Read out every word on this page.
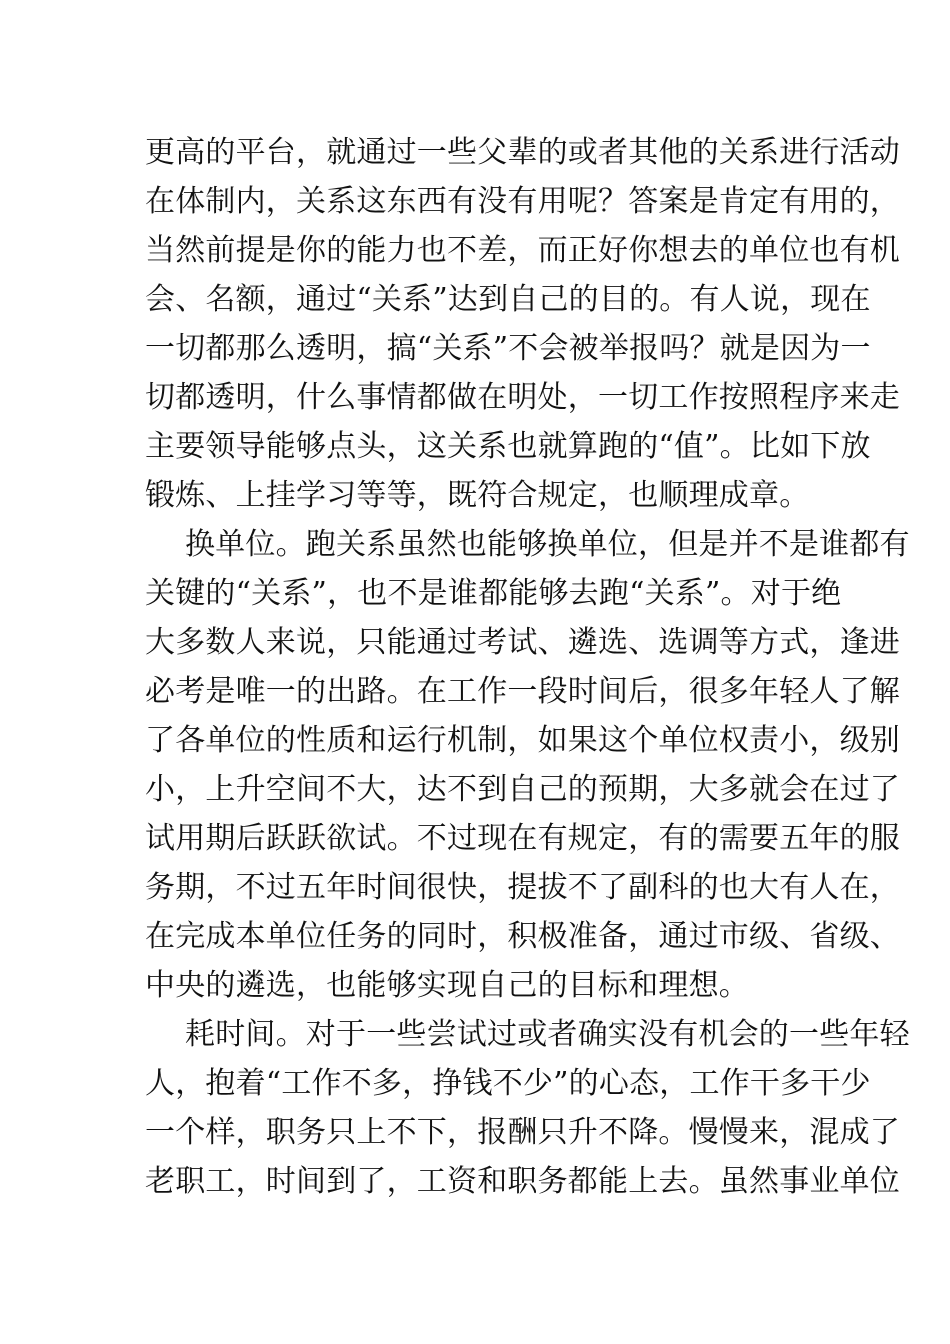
更高的平台，就通过一些父辈的或者其他的关系进行活动
在体制内，关系这东西有没有用呢？答案是肯定有用的，
当然前提是你的能力也不差，而正好你想去的单位也有机
会、名额，通过“关系”达到自己的目的。有人说，现在
一切都那么透明，搞“关系”不会被举报吗？就是因为一
切都透明，什么事情都做在明处，一切工作按照程序来走
主要领导能够点头，这关系也就算跑的“值”。比如下放
锻炼、上挂学习等等，既符合规定，也顺理成章。
换单位。跑关系虽然也能够换单位，但是并不是谁都有
关键的“关系”，也不是谁都能够去跑“关系”。对于绝
大多数人来说，只能通过考试、遴选、选调等方式，逢进
必考是唯一的出路。在工作一段时间后，很多年轻人了解
了各单位的性质和运行机制，如果这个单位权责小，级别
小，上升空间不大，达不到自己的预期，大多就会在过了
试用期后跃跃欲试。不过现在有规定，有的需要五年的服
务期，不过五年时间很快，提拔不了副科的也大有人在，
在完成本单位任务的同时，积极准备，通过市级、省级、
中央的遴选，也能够实现自己的目标和理想。
耗时间。对于一些尝试过或者确实没有机会的一些年轻
人，抱着“工作不多，挣钱不少”的心态，工作干多干少
一个样，职务只上不下，报酬只升不降。慢慢来，混成了
老职工，时间到了，工资和职务都能上去。虽然事业单位
